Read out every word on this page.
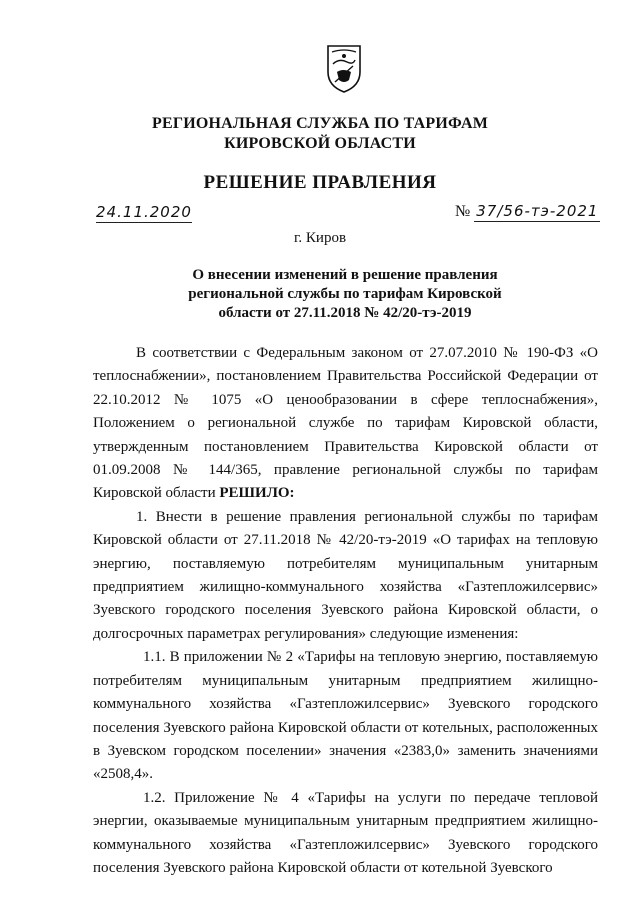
РЕГИОНАЛЬНАЯ СЛУЖБА ПО ТАРИФАМ
КИРОВСКОЙ ОБЛАСТИ
РЕШЕНИЕ ПРАВЛЕНИЯ
24.11.2020	№ 37/56-тэ-2021
г. Киров
О внесении изменений в решение правления
региональной службы по тарифам Кировской
области от 27.11.2018 № 42/20-тэ-2019

В соответствии с Федеральным законом от 27.07.2010 № 190-ФЗ «О теплоснабжении», постановлением Правительства Российской Федерации от 22.10.2012 № 1075 «О ценообразовании в сфере теплоснабжения», Положением о региональной службе по тарифам Кировской области, утвержденным постановлением Правительства Кировской области от 01.09.2008 № 144/365, правление региональной службы по тарифам Кировской области РЕШИЛО:

1. Внести в решение правления региональной службы по тарифам Кировской области от 27.11.2018 № 42/20-тэ-2019 «О тарифах на тепловую энергию, поставляемую потребителям муниципальным унитарным предприятием жилищно-коммунального хозяйства «Газтепложилсервис» Зуевского городского поселения Зуевского района Кировской области, о долгосрочных параметрах регулирования» следующие изменения:

1.1. В приложении № 2 «Тарифы на тепловую энергию, поставляемую потребителям муниципальным унитарным предприятием жилищно-коммунального хозяйства «Газтепложилсервис» Зуевского городского поселения Зуевского района Кировской области от котельных, расположенных в Зуевском городском поселении» значения «2383,0» заменить значениями «2508,4».

1.2. Приложение № 4 «Тарифы на услуги по передаче тепловой энергии, оказываемые муниципальным унитарным предприятием жилищно-коммунального хозяйства «Газтепложилсервис» Зуевского городского поселения Зуевского района Кировской области от котельной Зуевского
